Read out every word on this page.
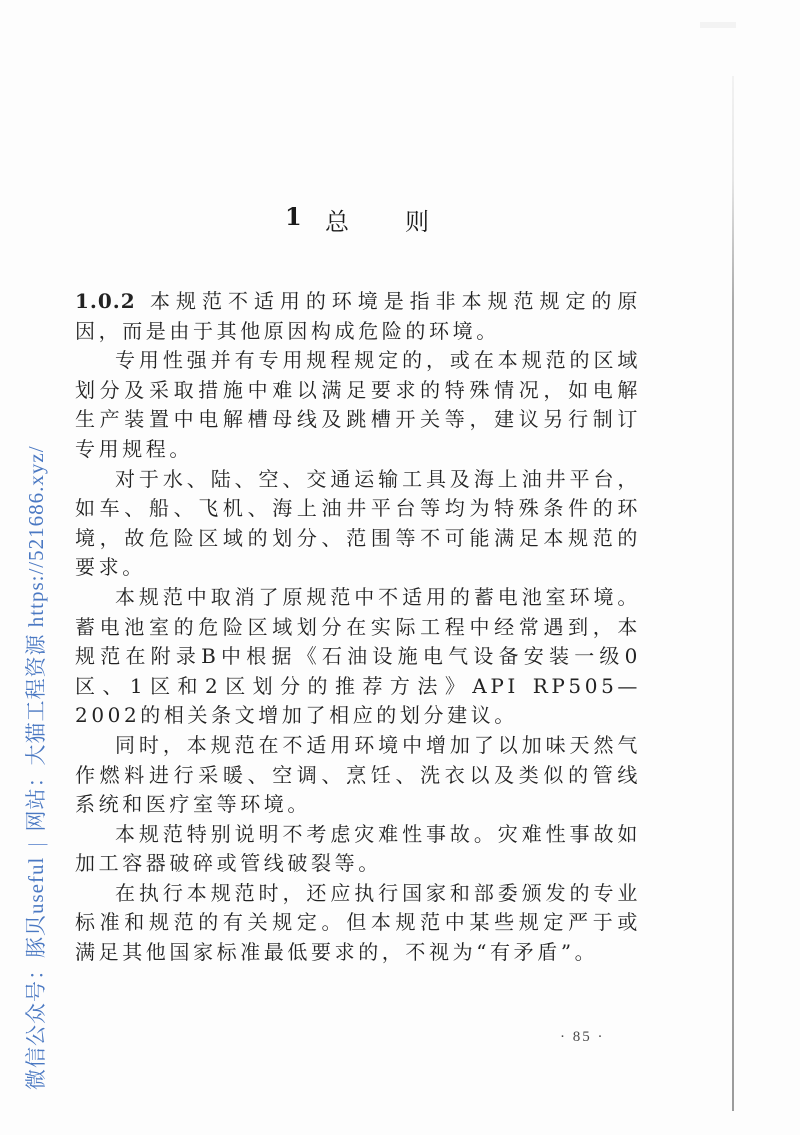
1 总 则

1.0.2 本规范不适用的环境是指非本规范规定的原因，而是由于其他原因构成危险的环境。

专用性强并有专用规程规定的，或在本规范的区域划分及采取措施中难以满足要求的特殊情况，如电解生产装置中电解槽母线及跳槽开关等，建议另行制订专用规程。

对于水、陆、空、交通运输工具及海上油井平台，如车、船、飞机、海上油井平台等均为特殊条件的环境，故危险区域的划分、范围等不可能满足本规范的要求。

本规范中取消了原规范中不适用的蓄电池室环境。蓄电池室的危险区域划分在实际工程中经常遇到，本规范在附录B中根据《石油设施电气设备安装一级0区、1区和2区划分的推荐方法》API RP505—2002的相关条文增加了相应的划分建议。

同时，本规范在不适用环境中增加了以加味天然气作燃料进行采暖、空调、烹饪、洗衣以及类似的管线系统和医疗室等环境。

本规范特别说明不考虑灾难性事故。灾难性事故如加工容器破碎或管线破裂等。

在执行本规范时，还应执行国家和部委颁发的专业标准和规范的有关规定。但本规范中某些规定严于或满足其他国家标准最低要求的，不视为“有矛盾”。

· 85 ·
微信公众号：豚贝useful|网站：大猫工程资源 https://521686.xyz/
